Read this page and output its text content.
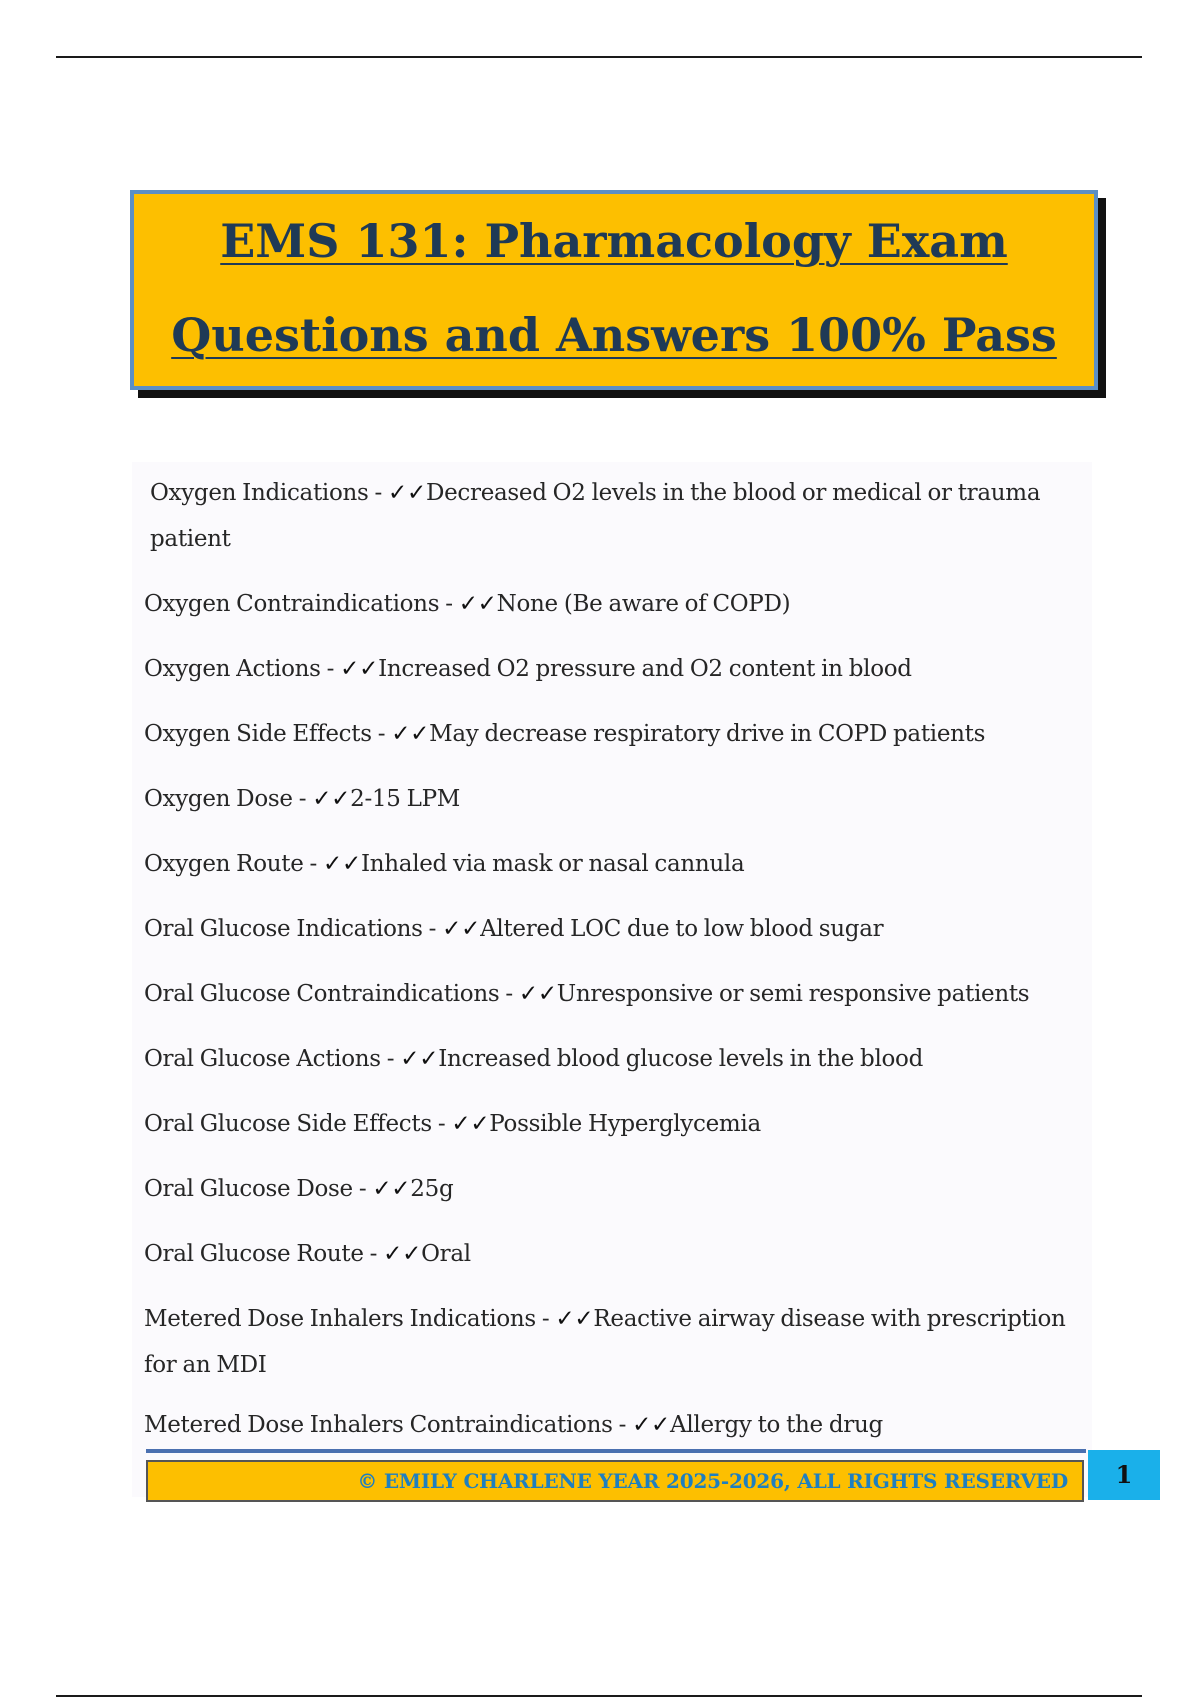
EMS 131: Pharmacology Exam
Questions and Answers 100% Pass
Oxygen Indications - ✓✓Decreased O2 levels in the blood or medical or trauma patient
Oxygen Contraindications - ✓✓None (Be aware of COPD)
Oxygen Actions - ✓✓Increased O2 pressure and O2 content in blood
Oxygen Side Effects - ✓✓May decrease respiratory drive in COPD patients
Oxygen Dose - ✓✓2-15 LPM
Oxygen Route - ✓✓Inhaled via mask or nasal cannula
Oral Glucose Indications - ✓✓Altered LOC due to low blood sugar
Oral Glucose Contraindications - ✓✓Unresponsive or semi responsive patients
Oral Glucose Actions - ✓✓Increased blood glucose levels in the blood
Oral Glucose Side Effects - ✓✓Possible Hyperglycemia
Oral Glucose Dose - ✓✓25g
Oral Glucose Route - ✓✓Oral
Metered Dose Inhalers Indications - ✓✓Reactive airway disease with prescription for an MDI
Metered Dose Inhalers Contraindications - ✓✓Allergy to the drug
© EMILY CHARLENE YEAR 2025-2026, ALL RIGHTS RESERVED	1
